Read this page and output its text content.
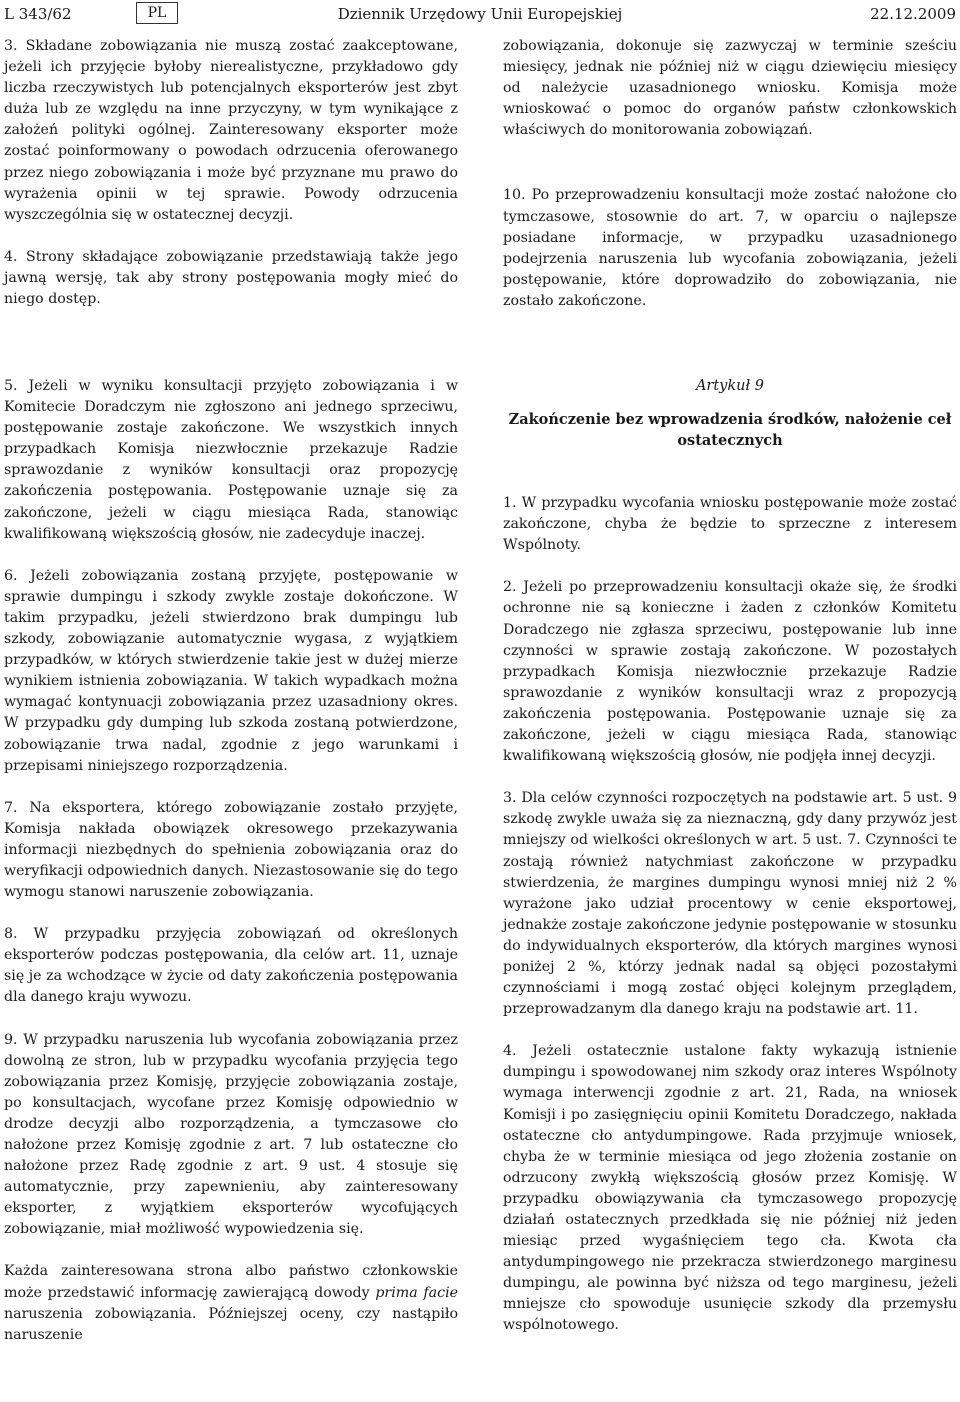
L 343/62	PL	Dziennik Urzędowy Unii Europejskiej	22.12.2009

3. Składane zobowiązania nie muszą zostać zaakceptowane, jeżeli ich przyjęcie byłoby nierealistyczne, przykładowo gdy liczba rzeczywistych lub potencjalnych eksporterów jest zbyt duża lub ze względu na inne przyczyny, w tym wynikające z założeń polityki ogólnej. Zainteresowany eksporter może zostać poinformowany o powodach odrzucenia oferowanego przez niego zobowiązania i może być przyznane mu prawo do wyrażenia opinii w tej sprawie. Powody odrzucenia wyszczególnia się w ostatecznej decyzji.

4. Strony składające zobowiązanie przedstawiają także jego jawną wersję, tak aby strony postępowania mogły mieć do niego dostęp.

zobowiązania, dokonuje się zazwyczaj w terminie sześciu miesięcy, jednak nie później niż w ciągu dziewięciu miesięcy od należycie uzasadnionego wniosku. Komisja może wnioskować o pomoc do organów państw członkowskich właściwych do monitorowania zobowiązań.

10. Po przeprowadzeniu konsultacji może zostać nałożone cło tymczasowe, stosownie do art. 7, w oparciu o najlepsze posiadane informacje, w przypadku uzasadnionego podejrzenia naruszenia lub wycofania zobowiązania, jeżeli postępowanie, które doprowadziło do zobowiązania, nie zostało zakończone.

5. Jeżeli w wyniku konsultacji przyjęto zobowiązania i w Komitecie Doradczym nie zgłoszono ani jednego sprzeciwu, postępowanie zostaje zakończone. We wszystkich innych przypadkach Komisja niezwłocznie przekazuje Radzie sprawozdanie z wyników konsultacji oraz propozycję zakończenia postępowania. Postępowanie uznaje się za zakończone, jeżeli w ciągu miesiąca Rada, stanowiąc kwalifikowaną większością głosów, nie zadecyduje inaczej.

6. Jeżeli zobowiązania zostaną przyjęte, postępowanie w sprawie dumpingu i szkody zwykle zostaje dokończone. W takim przypadku, jeżeli stwierdzono brak dumpingu lub szkody, zobowiązanie automatycznie wygasa, z wyjątkiem przypadków, w których stwierdzenie takie jest w dużej mierze wynikiem istnienia zobowiązania. W takich wypadkach można wymagać kontynuacji zobowiązania przez uzasadniony okres. W przypadku gdy dumping lub szkoda zostaną potwierdzone, zobowiązanie trwa nadal, zgodnie z jego warunkami i przepisami niniejszego rozporządzenia.

7. Na eksportera, którego zobowiązanie zostało przyjęte, Komisja nakłada obowiązek okresowego przekazywania informacji niezbędnych do spełnienia zobowiązania oraz do weryfikacji odpowiednich danych. Niezastosowanie się do tego wymogu stanowi naruszenie zobowiązania.

8. W przypadku przyjęcia zobowiązań od określonych eksporterów podczas postępowania, dla celów art. 11, uznaje się je za wchodzące w życie od daty zakończenia postępowania dla danego kraju wywozu.

9. W przypadku naruszenia lub wycofania zobowiązania przez dowolną ze stron, lub w przypadku wycofania przyjęcia tego zobowiązania przez Komisję, przyjęcie zobowiązania zostaje, po konsultacjach, wycofane przez Komisję odpowiednio w drodze decyzji albo rozporządzenia, a tymczasowe cło nałożone przez Komisję zgodnie z art. 7 lub ostateczne cło nałożone przez Radę zgodnie z art. 9 ust. 4 stosuje się automatycznie, przy zapewnieniu, aby zainteresowany eksporter, z wyjątkiem eksporterów wycofujących zobowiązanie, miał możliwość wypowiedzenia się.

Każda zainteresowana strona albo państwo członkowskie może przedstawić informację zawierającą dowody prima facie naruszenia zobowiązania. Późniejszej oceny, czy nastąpiło naruszenie

Artykuł 9

Zakończenie bez wprowadzenia środków, nałożenie ceł ostatecznych

1. W przypadku wycofania wniosku postępowanie może zostać zakończone, chyba że będzie to sprzeczne z interesem Wspólnoty.

2. Jeżeli po przeprowadzeniu konsultacji okaże się, że środki ochronne nie są konieczne i żaden z członków Komitetu Doradczego nie zgłasza sprzeciwu, postępowanie lub inne czynności w sprawie zostają zakończone. W pozostałych przypadkach Komisja niezwłocznie przekazuje Radzie sprawozdanie z wyników konsultacji wraz z propozycją zakończenia postępowania. Postępowanie uznaje się za zakończone, jeżeli w ciągu miesiąca Rada, stanowiąc kwalifikowaną większością głosów, nie podjęła innej decyzji.

3. Dla celów czynności rozpoczętych na podstawie art. 5 ust. 9 szkodę zwykle uważa się za nieznaczną, gdy dany przywóz jest mniejszy od wielkości określonych w art. 5 ust. 7. Czynności te zostają również natychmiast zakończone w przypadku stwierdzenia, że margines dumpingu wynosi mniej niż 2 % wyrażone jako udział procentowy w cenie eksportowej, jednakże zostaje zakończone jedynie postępowanie w stosunku do indywidualnych eksporterów, dla których margines wynosi poniżej 2 %, którzy jednak nadal są objęci pozostałymi czynnościami i mogą zostać objęci kolejnym przeglądem, przeprowadzanym dla danego kraju na podstawie art. 11.

4. Jeżeli ostatecznie ustalone fakty wykazują istnienie dumpingu i spowodowanej nim szkody oraz interes Wspólnoty wymaga interwencji zgodnie z art. 21, Rada, na wniosek Komisji i po zasięgnięciu opinii Komitetu Doradczego, nakłada ostateczne cło antydumpingowe. Rada przyjmuje wniosek, chyba że w terminie miesiąca od jego złożenia zostanie on odrzucony zwykłą większością głosów przez Komisję. W przypadku obowiązywania cła tymczasowego propozycję działań ostatecznych przedkłada się nie później niż jeden miesiąc przed wygaśnięciem tego cła. Kwota cła antydumpingowego nie przekracza stwierdzonego marginesu dumpingu, ale powinna być niższa od tego marginesu, jeżeli mniejsze cło spowoduje usunięcie szkody dla przemysłu wspólnotowego.
